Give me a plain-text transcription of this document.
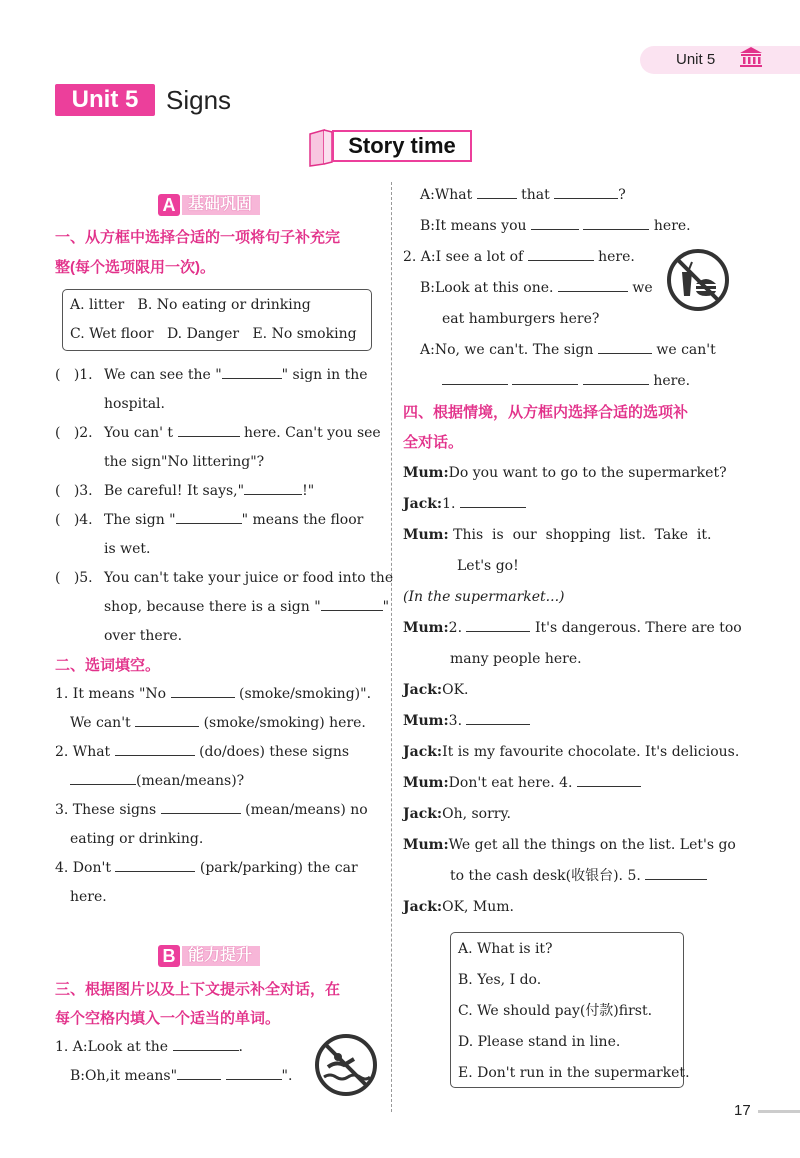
Unit 5
Unit 5	Signs
Story time
A 基础巩固
一、从方框中选择合适的一项将句子补充完
整(每个选项限用一次)。
A. litter   B. No eating or drinking
C. Wet floor   D. Danger   E. No smoking
(   )1. We can see the "	" sign in the
hospital.
(   )2. You can' t	here. Can't you see
the sign"No littering"?
(   )3. Be careful! It says,"	!"
(   )4. The sign "	" means the floor
is wet.
(   )5. You can't take your juice or food into the
shop, because there is a sign "	"
over there.
二、选词填空。
1. It means "No	(smoke/smoking)".
We can't	(smoke/smoking) here.
2. What	(do/does) these signs
(mean/means)?
3. These signs	(mean/means) no
eating or drinking.
4. Don't	(park/parking) the car
here.
B 能力提升
三、根据图片以及上下文提示补全对话，在
每个空格内填入一个适当的单词。
1. A:Look at the	.
B:Oh,it means"	".
A:What	that	?
B:It means you	here.
2. A:I see a lot of	here.
B:Look at this one.	we
eat hamburgers here?
A:No, we can't. The sign	we can't
here.
四、根据情境，从方框内选择合适的选项补
全对话。
Mum:Do you want to go to the supermarket?
Jack:1.
Mum: This  is  our  shopping  list.  Take  it.
Let's go!
(In the supermarket...)
Mum:2.	It's dangerous. There are too
many people here.
Jack:OK.
Mum:3.
Jack:It is my favourite chocolate. It's delicious.
Mum:Don't eat here. 4.
Jack:Oh, sorry.
Mum:We get all the things on the list. Let's go
to the cash desk(收银台). 5.
Jack:OK, Mum.
A. What is it?
B. Yes, I do.
C. We should pay(付款)first.
D. Please stand in line.
E. Don't run in the supermarket.
17
